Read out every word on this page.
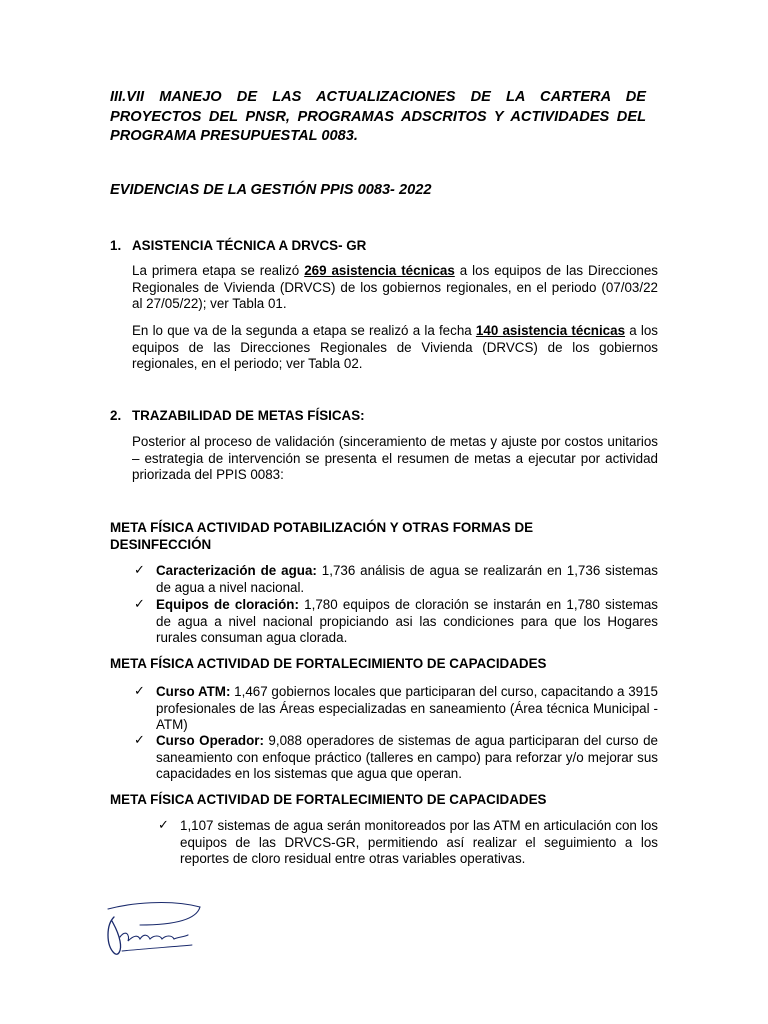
III.VII MANEJO DE LAS ACTUALIZACIONES DE LA CARTERA DE PROYECTOS DEL PNSR, PROGRAMAS ADSCRITOS Y ACTIVIDADES DEL PROGRAMA PRESUPUESTAL 0083.
EVIDENCIAS DE LA GESTIÓN PPIS 0083- 2022
1. ASISTENCIA TÉCNICA A DRVCS- GR
La primera etapa se realizó 269 asistencia técnicas a los equipos de las Direcciones Regionales de Vivienda (DRVCS) de los gobiernos regionales, en el periodo (07/03/22 al 27/05/22); ver Tabla 01.
En lo que va de la segunda a etapa se realizó a la fecha 140 asistencia técnicas a los equipos de las Direcciones Regionales de Vivienda (DRVCS) de los gobiernos regionales, en el periodo; ver Tabla 02.
2. TRAZABILIDAD DE METAS FÍSICAS:
Posterior al proceso de validación (sinceramiento de metas y ajuste por costos unitarios – estrategia de intervención se presenta el resumen de metas a ejecutar por actividad priorizada del PPIS 0083:
META FÍSICA ACTIVIDAD POTABILIZACIÓN Y OTRAS FORMAS DE DESINFECCIÓN
✓ Caracterización de agua: 1,736 análisis de agua se realizarán en 1,736 sistemas de agua a nivel nacional.
✓ Equipos de cloración: 1,780 equipos de cloración se instarán en 1,780 sistemas de agua a nivel nacional propiciando asi las condiciones para que los Hogares rurales consuman agua clorada.
META FÍSICA ACTIVIDAD DE FORTALECIMIENTO DE CAPACIDADES
✓ Curso ATM: 1,467 gobiernos locales que participaran del curso, capacitando a 3915 profesionales de las Áreas especializadas en saneamiento (Área técnica Municipal -ATM)
✓ Curso Operador: 9,088 operadores de sistemas de agua participaran del curso de saneamiento con enfoque práctico (talleres en campo) para reforzar y/o mejorar sus capacidades en los sistemas que agua que operan.
META FÍSICA ACTIVIDAD DE FORTALECIMIENTO DE CAPACIDADES
✓ 1,107 sistemas de agua serán monitoreados por las ATM en articulación con los equipos de las DRVCS-GR, permitiendo así realizar el seguimiento a los reportes de cloro residual entre otras variables operativas.
